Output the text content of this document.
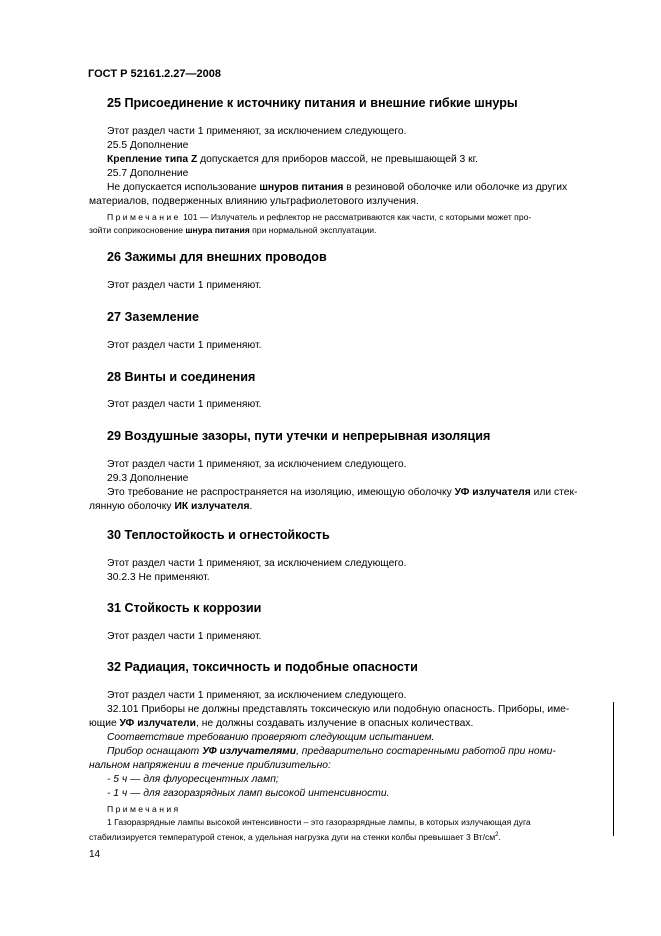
ГОСТ Р 52161.2.27—2008
25 Присоединение к источнику питания и внешние гибкие шнуры
Этот раздел части 1 применяют, за исключением следующего.
25.5 Дополнение
Крепление типа Z допускается для приборов массой, не превышающей 3 кг.
25.7 Дополнение
Не допускается использование шнуров питания в резиновой оболочке или оболочке из других
материалов, подверженных влиянию ультрафиолетового излучения.
Примечание 101 — Излучатель и рефлектор не рассматриваются как части, с которыми может про-
зойти соприкосновение шнура питания при нормальной эксплуатации.
26 Зажимы для внешних проводов
Этот раздел части 1 применяют.
27 Заземление
Этот раздел части 1 применяют.
28 Винты и соединения
Этот раздел части 1 применяют.
29 Воздушные зазоры, пути утечки и непрерывная изоляция
Этот раздел части 1 применяют, за исключением следующего.
29.3 Дополнение
Это требование не распространяется на изоляцию, имеющую оболочку УФ излучателя или стек-
лянную оболочку ИК излучателя.
30 Теплостойкость и огнестойкость
Этот раздел части 1 применяют, за исключением следующего.
30.2.3 Не применяют.
31 Стойкость к коррозии
Этот раздел части 1 применяют.
32 Радиация, токсичность и подобные опасности
Этот раздел части 1 применяют, за исключением следующего.
32.101 Приборы не должны представлять токсическую или подобную опасность. Приборы, име-
ющие УФ излучатели, не должны создавать излучение в опасных количествах.
Соответствие требованию проверяют следующим испытанием.
Прибор оснащают УФ излучателями, предварительно состаренными работой при номи-
нальном напряжении в течение приблизительно:
- 5 ч — для флуоресцентных ламп;
- 1 ч — для газоразрядных ламп высокой интенсивности.
Примечания
1 Газоразрядные лампы высокой интенсивности – это газоразрядные лампы, в которых излучающая дуга
стабилизируется температурой стенок, а удельная нагрузка дуги на стенки колбы превышает 3 $Вт/см^2$.
14
